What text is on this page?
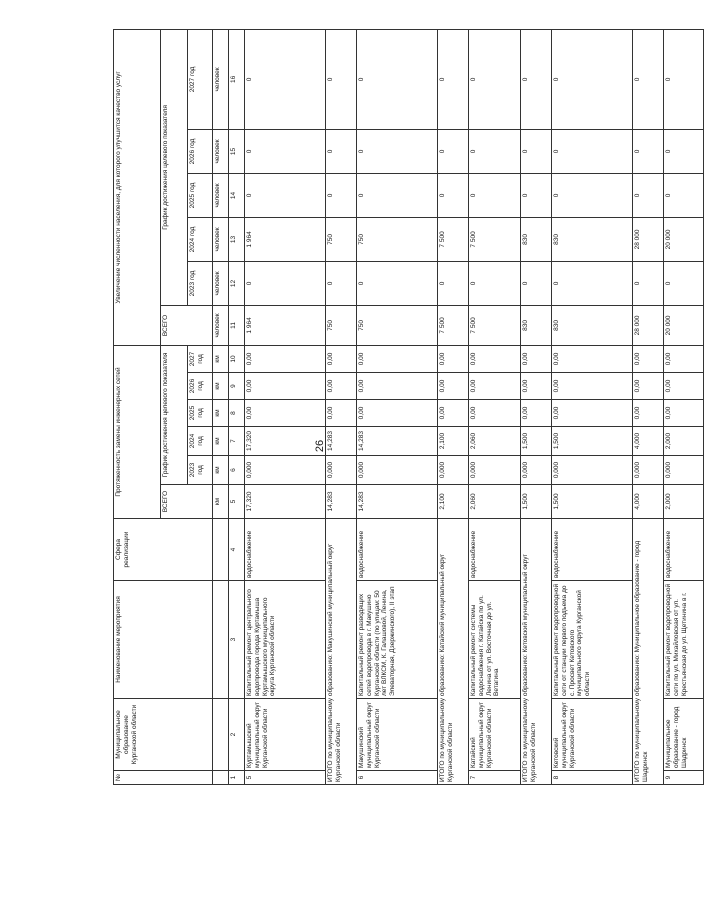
26
№	Муниципальное образование Курганской области	Наименование мероприятия	Сфера реализации	Протяженность замены инженерных сетей						Увеличение численности населения, для которого улучшится качество услуг					
				ВСЕГО	График достижения целевого показателя					ВСЕГО	График достижения целевого показателя				
					2023 год	2024 год	2025 год	2026 год	2027 год		2023 год	2024 год	2025 год	2026 год	2027 год
				км	км	км	км	км	км	человек	человек	человек	человек	человек	человек
1	2	3	4	5	6	7	8	9	10	11	12	13	14	15	16
5	Куртамышский муниципальный округ Курганской области	Капитальный ремонт центрального водопровода города Куртамыша Куртамышского муниципального округа Курганской области	водоснабжение	17,320	0,000	17,320	0,00	0,00	0,00	1 964	0	1 964	0	0	0
ИТОГО по муниципальному образованию: Макушинский муниципальный округ Курганской области				14,283	0,000	14,283	0,00	0,00	0,00	750	0	750	0	0	0
6	Макушинский муниципальный округ Курганской области	Капитальный ремонт разводящих сетей водопровода в г. Макушино Курганской области (по улицам: 50 лет ВЛКСМ, К. Галашовой, Ленина, Элеваторная, Дзержинского), II этап	водоснабжение	14,283	0,000	14,283	0,00	0,00	0,00	750	0	750	0	0	0
ИТОГО по муниципальному образованию: Катайский муниципальный округ Курганской области				2,100	0,000	2,100	0,00	0,00	0,00	7 500	0	7 500	0	0	0
7	Катайский муниципальный округ Курганской области	Капитальный ремонт системы водоснабжения г. Катайска по ул. Ленина от ул. Восточная до ул. Ветагина	водоснабжение	2,060	0,000	2,060	0,00	0,00	0,00	7 500	0	7 500	0	0	0
ИТОГО по муниципальному образованию: Кетовский муниципальный округ Курганской области				1,500	0,000	1,500	0,00	0,00	0,00	830	0	830	0	0	0
8	Кетовский муниципальный округ Курганской области	Капитальный ремонт водопроводной сети от станции первого подъема до с. Просвет Кетовского муниципального округа Курганской области	водоснабжение	1,500	0,000	1,500	0,00	0,00	0,00	830	0	830	0	0	0
ИТОГО по муниципальному образованию: Муниципальное образование - город Шадринск				4,000	0,000	4,000	0,00	0,00	0,00	28 000	0	28 000	0	0	0
9	Муниципальное образование - город Шадринск	Капитальный ремонт водопроводной сети по ул. Михайловская от ул. Крестьянская до ул. Щетинина в г.	водоснабжение	2,000	0,000	2,000	0,00	0,00	0,00	20 000	0	20 000	0	0	0
